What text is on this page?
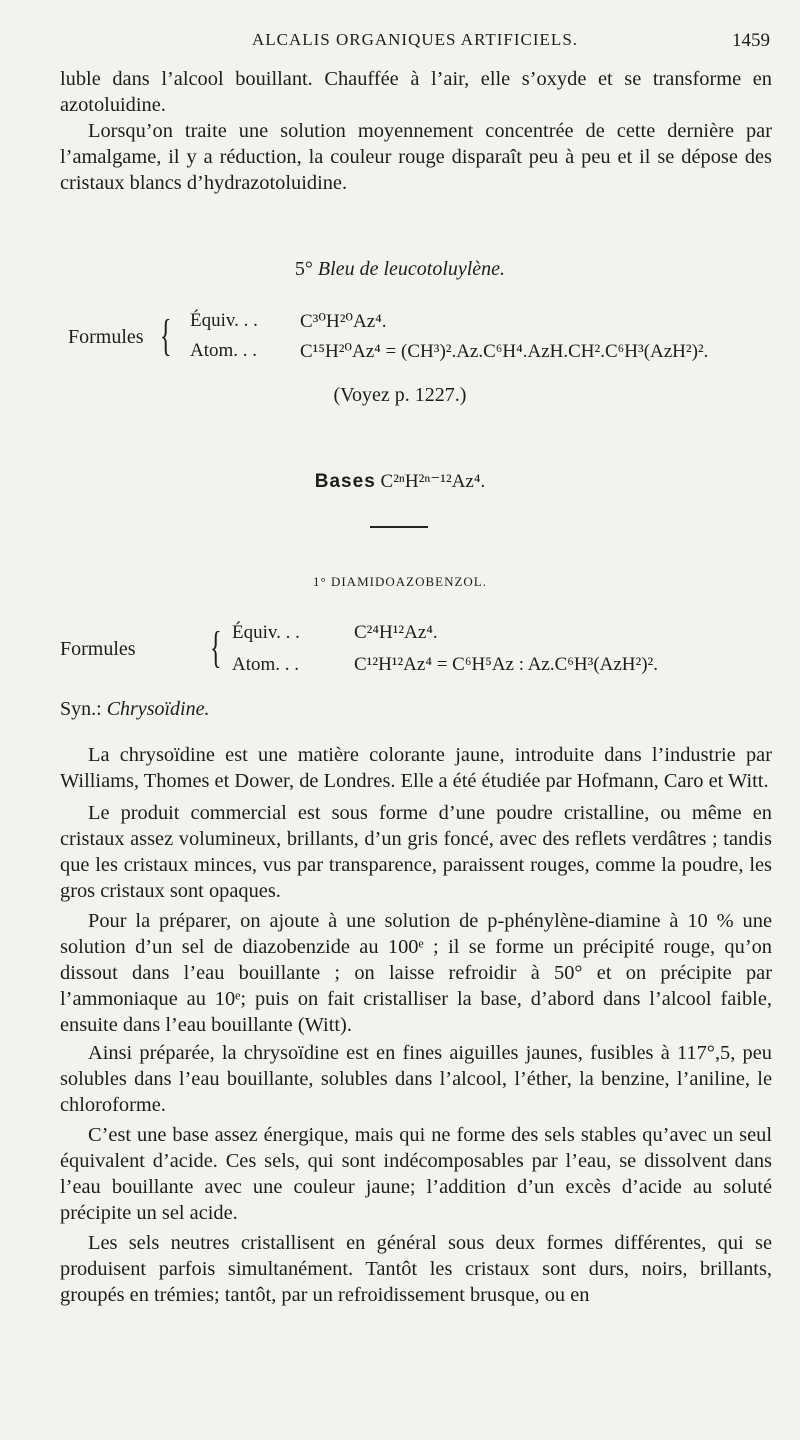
ALCALIS ORGANIQUES ARTIFICIELS.	1459

luble dans l’alcool bouillant. Chauffée à l’air, elle s’oxyde et se transforme en azotoluidine.

Lorsqu’on traite une solution moyennement concentrée de cette dernière par l’amalgame, il y a réduction, la couleur rouge disparaît peu à peu et il se dépose des cristaux blancs d’hydrazotoluidine.

5° Bleu de leucotoluylène.
Formules { Équiv. . . C³⁰H²⁰Az⁴.
Atom. . . C¹⁵H²⁰Az⁴ = (CH³)².Az.C⁶H⁴.AzH.CH².C⁶H³(AzH²)².
(Voyez p. 1227.)
Bases C²ⁿH²ⁿ⁻¹²Az⁴.
1° DIAMIDOAZOBENZOL.
Formules { Équiv. . .	C²⁴H¹²Az⁴.
Atom. . .	C¹²H¹²Az⁴ = C⁶H⁵Az : Az.C⁶H³(AzH²)².
Syn.: Chrysoïdine.

La chrysoïdine est une matière colorante jaune, introduite dans l’industrie par Williams, Thomes et Dower, de Londres. Elle a été étudiée par Hofmann, Caro et Witt.

Le produit commercial est sous forme d’une poudre cristalline, ou même en cristaux assez volumineux, brillants, d’un gris foncé, avec des reflets verdâtres ; tandis que les cristaux minces, vus par transparence, paraissent rouges, comme la poudre, les gros cristaux sont opaques.

Pour la préparer, on ajoute à une solution de p-phénylène-diamine à 10 % une solution d’un sel de diazobenzide au 100ᵉ ; il se forme un précipité rouge, qu’on dissout dans l’eau bouillante ; on laisse refroidir à 50° et on précipite par l’ammoniaque au 10ᵉ; puis on fait cristalliser la base, d’abord dans l’alcool faible, ensuite dans l’eau bouillante (Witt).

Ainsi préparée, la chrysoïdine est en fines aiguilles jaunes, fusibles à 117°,5, peu solubles dans l’eau bouillante, solubles dans l’alcool, l’éther, la benzine, l’aniline, le chloroforme.

C’est une base assez énergique, mais qui ne forme des sels stables qu’avec un seul équivalent d’acide. Ces sels, qui sont indécomposables par l’eau, se dissolvent dans l’eau bouillante avec une couleur jaune; l’addition d’un excès d’acide au soluté précipite un sel acide.

Les sels neutres cristallisent en général sous deux formes différentes, qui se produisent parfois simultanément. Tantôt les cristaux sont durs, noirs, brillants, groupés en trémies; tantôt, par un refroidissement brusque, ou en
